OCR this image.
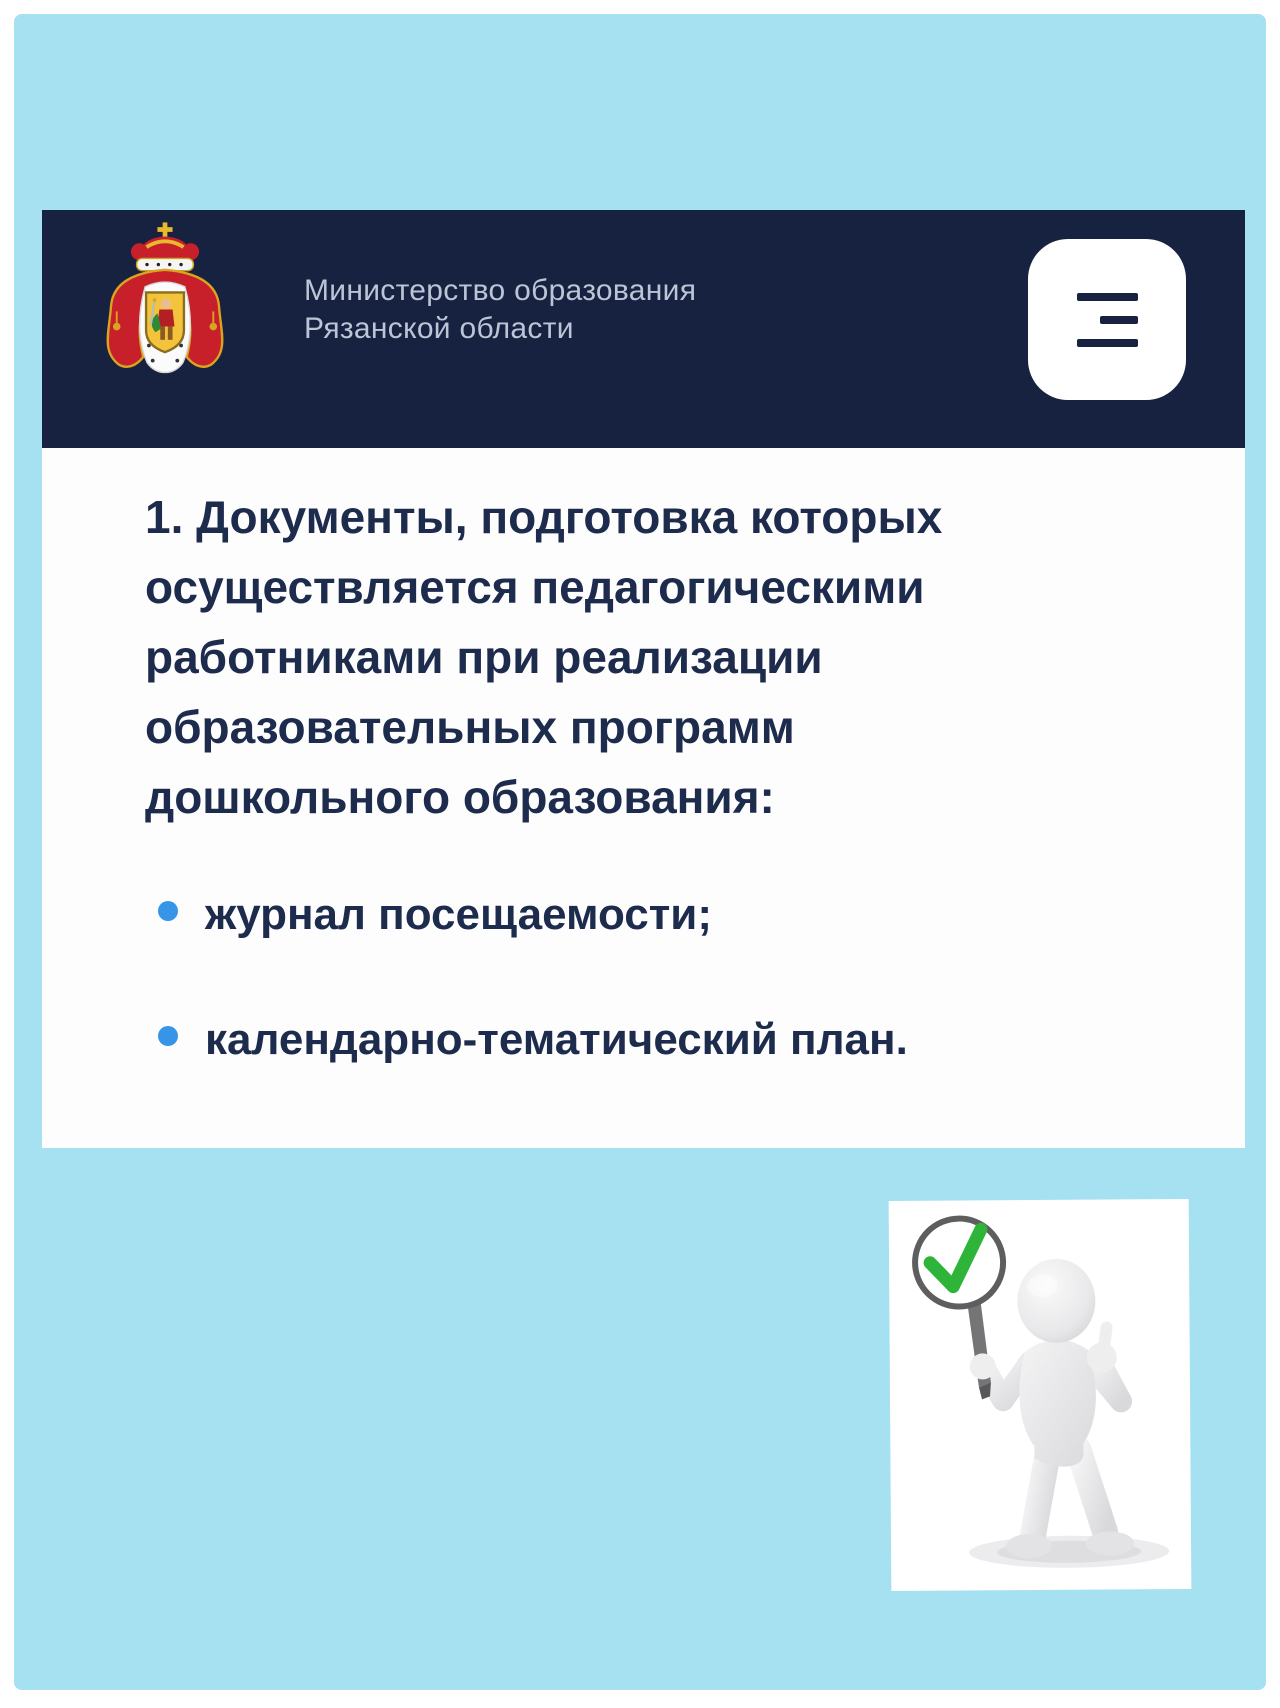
Министерство образования
Рязанской области
1. Документы, подготовка которых
осуществляется педагогическими
работниками при реализации
образовательных программ
дошкольного образования:
журнал посещаемости;
календарно-тематический план.
